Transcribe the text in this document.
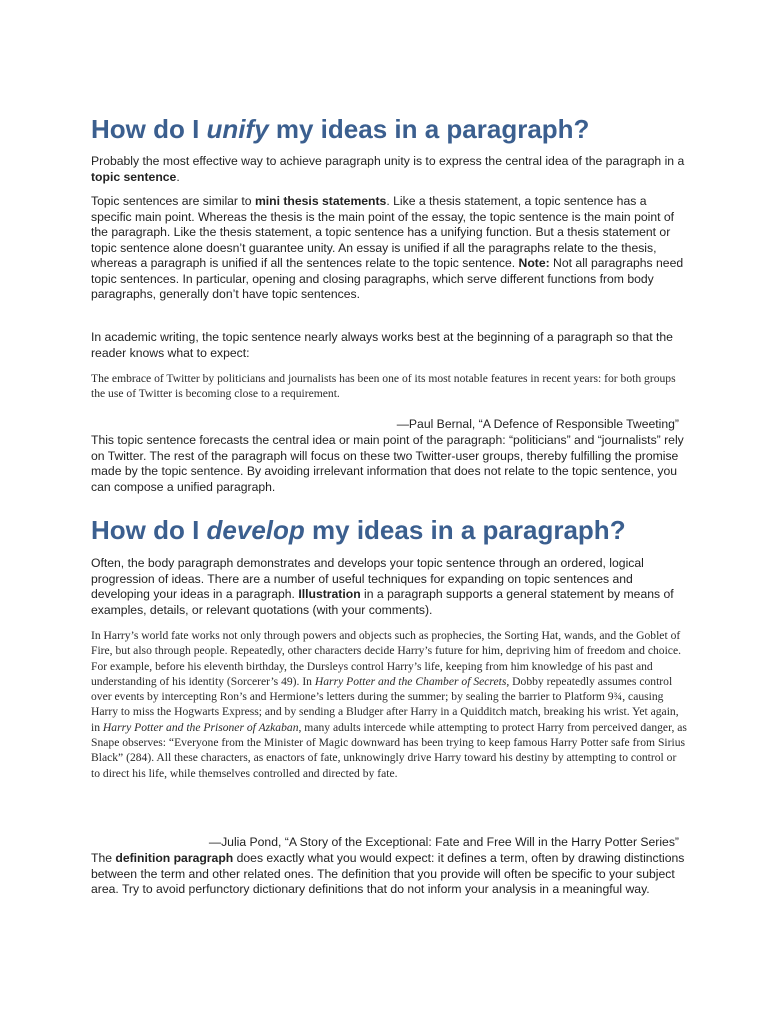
How do I unify my ideas in a paragraph?

Probably the most effective way to achieve paragraph unity is to express the central idea of the paragraph in a topic sentence.

Topic sentences are similar to mini thesis statements. Like a thesis statement, a topic sentence has a specific main point. Whereas the thesis is the main point of the essay, the topic sentence is the main point of the paragraph. Like the thesis statement, a topic sentence has a unifying function. But a thesis statement or topic sentence alone doesn’t guarantee unity. An essay is unified if all the paragraphs relate to the thesis, whereas a paragraph is unified if all the sentences relate to the topic sentence. Note: Not all paragraphs need topic sentences. In particular, opening and closing paragraphs, which serve different functions from body paragraphs, generally don’t have topic sentences.

In academic writing, the topic sentence nearly always works best at the beginning of a paragraph so that the reader knows what to expect:

The embrace of Twitter by politicians and journalists has been one of its most notable features in recent years: for both groups the use of Twitter is becoming close to a requirement.

—Paul Bernal, “A Defence of Responsible Tweeting”

This topic sentence forecasts the central idea or main point of the paragraph: “politicians” and “journalists” rely on Twitter. The rest of the paragraph will focus on these two Twitter-user groups, thereby fulfilling the promise made by the topic sentence. By avoiding irrelevant information that does not relate to the topic sentence, you can compose a unified paragraph.

How do I develop my ideas in a paragraph?

Often, the body paragraph demonstrates and develops your topic sentence through an ordered, logical progression of ideas. There are a number of useful techniques for expanding on topic sentences and developing your ideas in a paragraph. Illustration in a paragraph supports a general statement by means of examples, details, or relevant quotations (with your comments).

In Harry’s world fate works not only through powers and objects such as prophecies, the Sorting Hat, wands, and the Goblet of Fire, but also through people. Repeatedly, other characters decide Harry’s future for him, depriving him of freedom and choice. For example, before his eleventh birthday, the Dursleys control Harry’s life, keeping from him knowledge of his past and understanding of his identity (Sorcerer’s 49). In Harry Potter and the Chamber of Secrets, Dobby repeatedly assumes control over events by intercepting Ron’s and Hermione’s letters during the summer; by sealing the barrier to Platform 9¾, causing Harry to miss the Hogwarts Express; and by sending a Bludger after Harry in a Quidditch match, breaking his wrist. Yet again, in Harry Potter and the Prisoner of Azkaban, many adults intercede while attempting to protect Harry from perceived danger, as Snape observes: “Everyone from the Minister of Magic downward has been trying to keep famous Harry Potter safe from Sirius Black” (284). All these characters, as enactors of fate, unknowingly drive Harry toward his destiny by attempting to control or to direct his life, while themselves controlled and directed by fate.

—Julia Pond, “A Story of the Exceptional: Fate and Free Will in the Harry Potter Series”

The definition paragraph does exactly what you would expect: it defines a term, often by drawing distinctions between the term and other related ones. The definition that you provide will often be specific to your subject area. Try to avoid perfunctory dictionary definitions that do not inform your analysis in a meaningful way.
